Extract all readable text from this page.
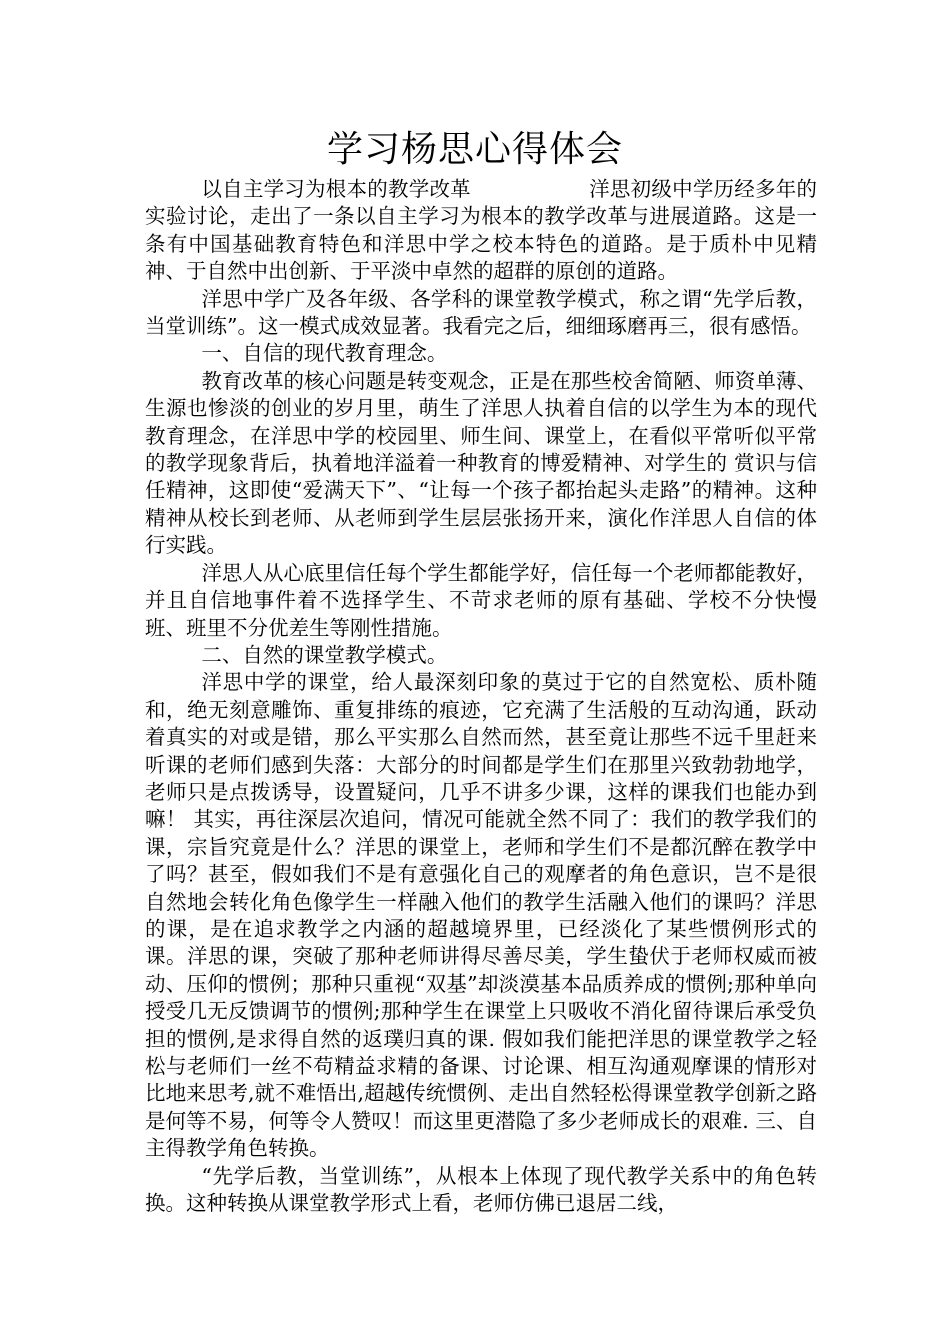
学习杨思心得体会

以自主学习为根本的教学改革	洋思初级中学历经多年的实验讨论，走出了一条以自主学习为根本的教学改革与进展道路。这是一条有中国基础教育特色和洋思中学之校本特色的道路。是于质朴中见精神、于自然中出创新、于平淡中卓然的超群的原创的道路。

洋思中学广及各年级、各学科的课堂教学模式，称之谓“先学后教，当堂训练”。这一模式成效显著。我看完之后，细细琢磨再三，很有感悟。

一、自信的现代教育理念。

教育改革的核心问题是转变观念，正是在那些校舍简陋、师资单薄、生源也惨淡的创业的岁月里，萌生了洋思人执着自信的以学生为本的现代教育理念，在洋思中学的校园里、师生间、课堂上，在看似平常听似平常的教学现象背后，执着地洋溢着一种教育的博爱精神、对学生的 赏识与信任精神，这即使“爱满天下”、“让每一个孩子都抬起头走路”的精神。这种精神从校长到老师、从老师到学生层层张扬开来，演化作洋思人自信的体行实践。

洋思人从心底里信任每个学生都能学好，信任每一个老师都能教好，并且自信地事件着不选择学生、不苛求老师的原有基础、学校不分快慢班、班里不分优差生等刚性措施。

二、自然的课堂教学模式。

洋思中学的课堂，给人最深刻印象的莫过于它的自然宽松、质朴随和，绝无刻意雕饰、重复排练的痕迹，它充满了生活般的互动沟通，跃动着真实的对或是错，那么平实那么自然而然，甚至竟让那些不远千里赶来听课的老师们感到失落：大部分的时间都是学生们在那里兴致勃勃地学，老师只是点拨诱导，设置疑问，几乎不讲多少课，这样的课我们也能办到嘛！ 其实，再往深层次追问，情况可能就全然不同了：我们的教学我们的课，宗旨究竟是什么？洋思的课堂上，老师和学生们不是都沉醉在教学中了吗？甚至，假如我们不是有意强化自己的观摩者的角色意识，岂不是很自然地会转化角色像学生一样融入他们的教学生活融入他们的课吗？洋思的课，是在追求教学之内涵的超越境界里，已经淡化了某些惯例形式的课。洋思的课，突破了那种老师讲得尽善尽美，学生蛰伏于老师权威而被动、压仰的惯例；那种只重视“双基”却淡漠基本品质养成的惯例;那种单向授受几无反馈调节的惯例;那种学生在课堂上只吸收不消化留待课后承受负担的惯例,是求得自然的返璞归真的课. 假如我们能把洋思的课堂教学之轻松与老师们一丝不苟精益求精的备课、讨论课、相互沟通观摩课的情形对比地来思考,就不难悟出,超越传统惯例、走出自然轻松得课堂教学创新之路是何等不易，何等令人赞叹！而这里更潜隐了多少老师成长的艰难. 三、自主得教学角色转换。

“先学后教，当堂训练”，从根本上体现了现代教学关系中的角色转换。这种转换从课堂教学形式上看，老师仿佛已退居二线，
